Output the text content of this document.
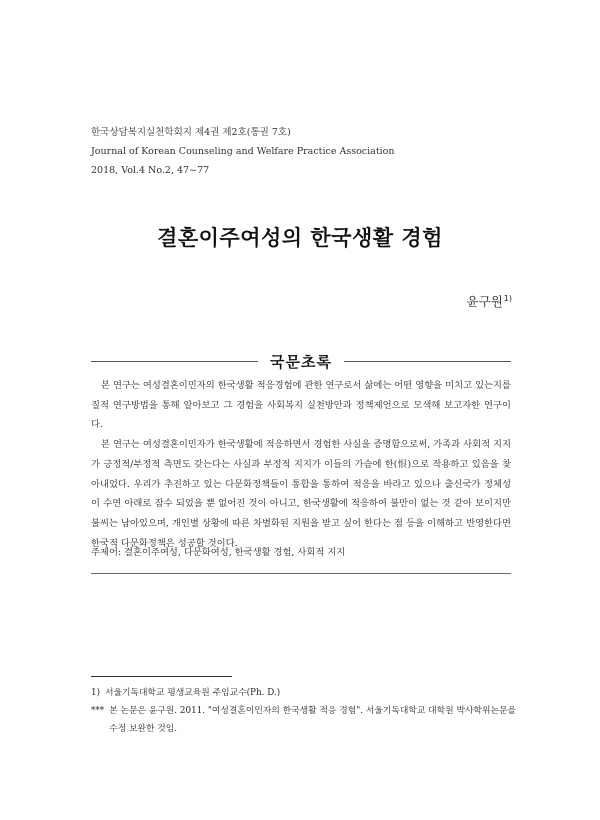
한국상담복지실천학회지 제4권 제2호(통권 7호)
Journal of Korean Counseling and Welfare Practice Association
2018, Vol.4 No.2, 47~77
결혼이주여성의 한국생활 경험
윤구원$^{1)}$
국문초록

본 연구는 여성결혼이민자의 한국생활 적응경험에 관한 연구로서 삶에는 어떤 영향을 미치고 있는지를 질적 연구방법을 통해 알아보고 그 경험을 사회복지 실천방안과 정책제언으로 모색해 보고자한 연구이다.

본 연구는 여성결혼이민자가 한국생활에 적응하면서 경험한 사실을 증명함으로써, 가족과 사회적 지지가 긍정적/부정적 측면도 갖는다는 사실과 부정적 지지가 이들의 가슴에 한(恨)으로 작용하고 있음을 찾아내었다. 우리가 추진하고 있는 다문화정책들이 통합을 통하여 적응을 바라고 있으나 출신국가 정체성이 수면 아래로 잠수 되었을 뿐 없어진 것이 아니고, 한국생활에 적응하여 불만이 없는 것 같아 보이지만 불씨는 남아있으며, 개인별 상황에 따른 차별화된 지원을 받고 싶어 한다는 점 등을 이해하고 반영한다면 한국적 다문화정책은 성공할 것이다.

주제어: 결혼이주여성, 다문화여성, 한국생활 경험, 사회적 지지
1) 서울기독대학교 평생교육원 주임교수(Ph. D.)
*** 본 논문은 윤구원. 2011. "여성결혼이민자의 한국생활 적응 경험". 서울기독대학교 대학원 박사학위논문을 수정 보완한 것임.
